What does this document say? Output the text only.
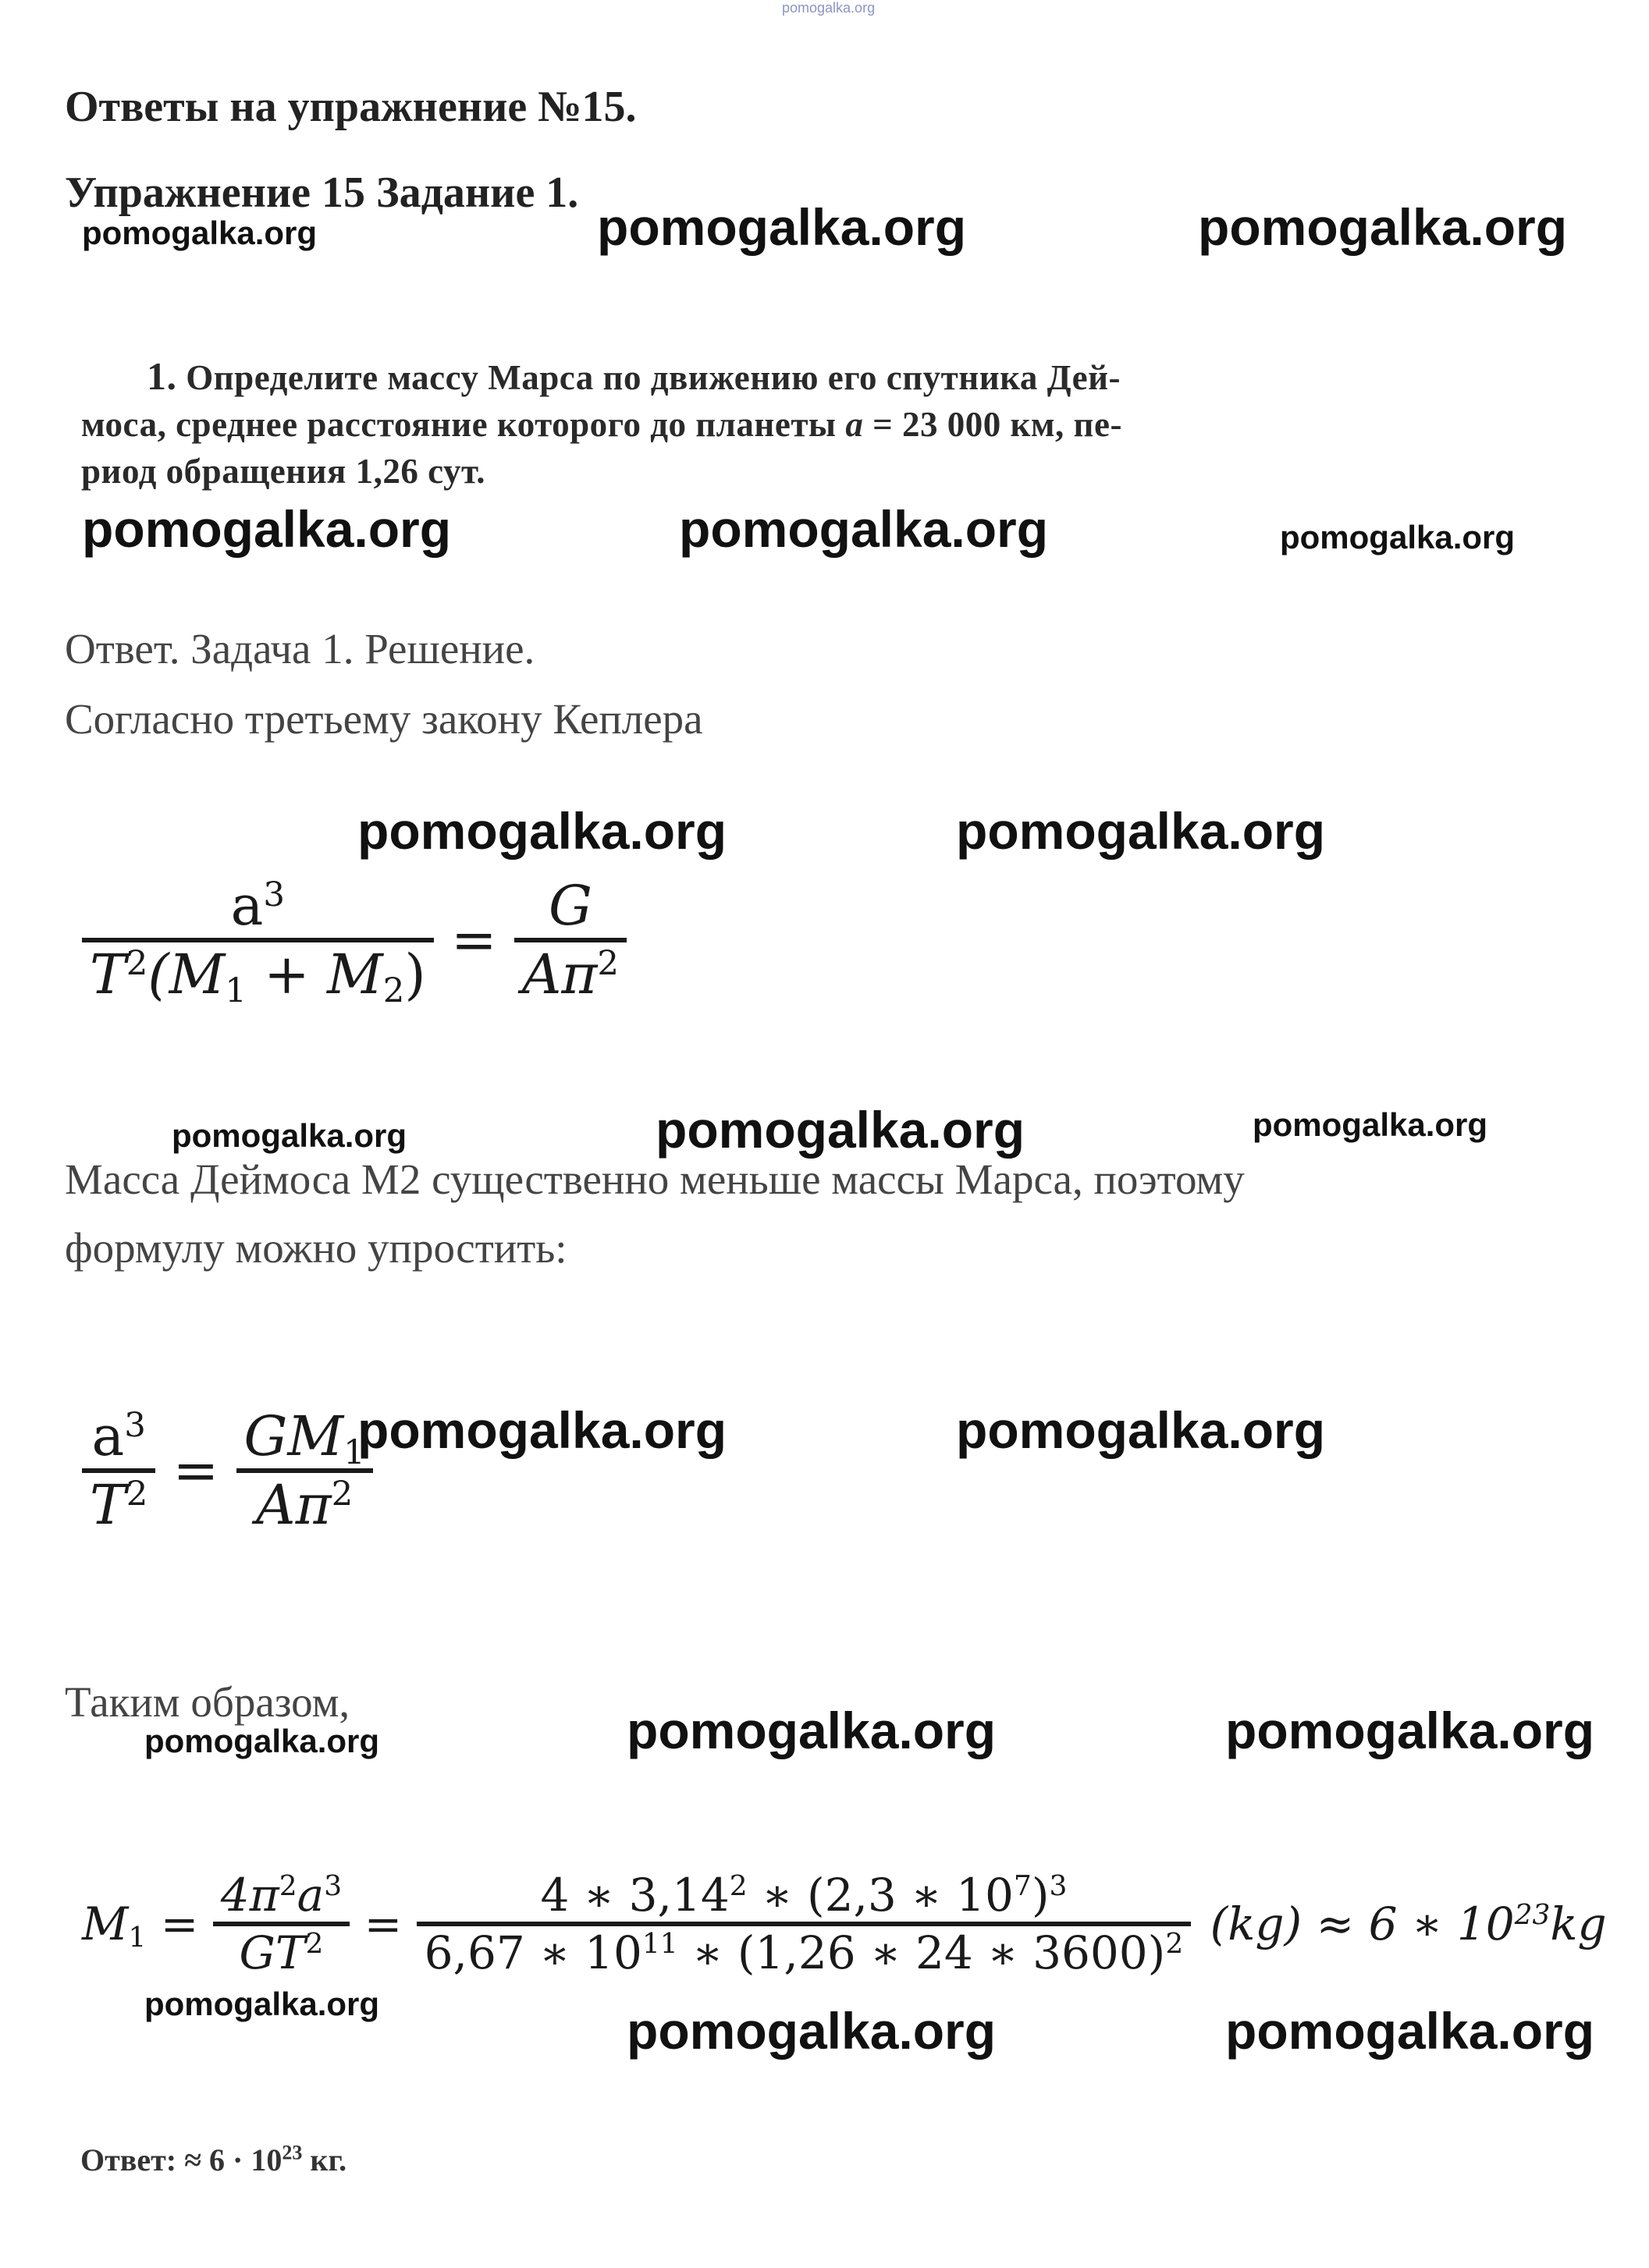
pomogalka.org

Ответы на упражнение №15.

Упражнение 15 Задание 1.

pomogalka.org	pomogalka.org	pomogalka.org

1. Определите массу Марса по движению его спутника Дей-
моса, среднее расстояние которого до планеты a = 23 000 км, пе-
риод обращения 1,26 сут.

pomogalka.org	pomogalka.org	pomogalka.org

Ответ. Задача 1. Решение.

Согласно третьему закону Кеплера

pomogalka.org	pomogalka.org

$\frac{a^3}{T^2(M_1 + M_2)} = \frac{G}{A\pi^2}$

pomogalka.org	pomogalka.org	pomogalka.org

Масса Деймоса М2 существенно меньше массы Марса, поэтому

формулу можно упростить:

$\frac{a^3}{T^2} = \frac{GM_1}{A\pi^2}$

pomogalka.org	pomogalka.org

Таким образом,

pomogalka.org	pomogalka.org	pomogalka.org

$M_1 = \frac{4\pi^2a^3}{GT^2} = \frac{4 ∗ 3,14^2 ∗ (2,3 ∗ 10^7)^3}{6,67 ∗ 10^{11} ∗ (1,26 ∗ 24 ∗ 3600)^2} (kg) \approx 6$ ∗ $10^{23}kg$

pomogalka.org	pomogalka.org	pomogalka.org

Ответ: ≈ $6 \cdot 10^{23}$ кг.
